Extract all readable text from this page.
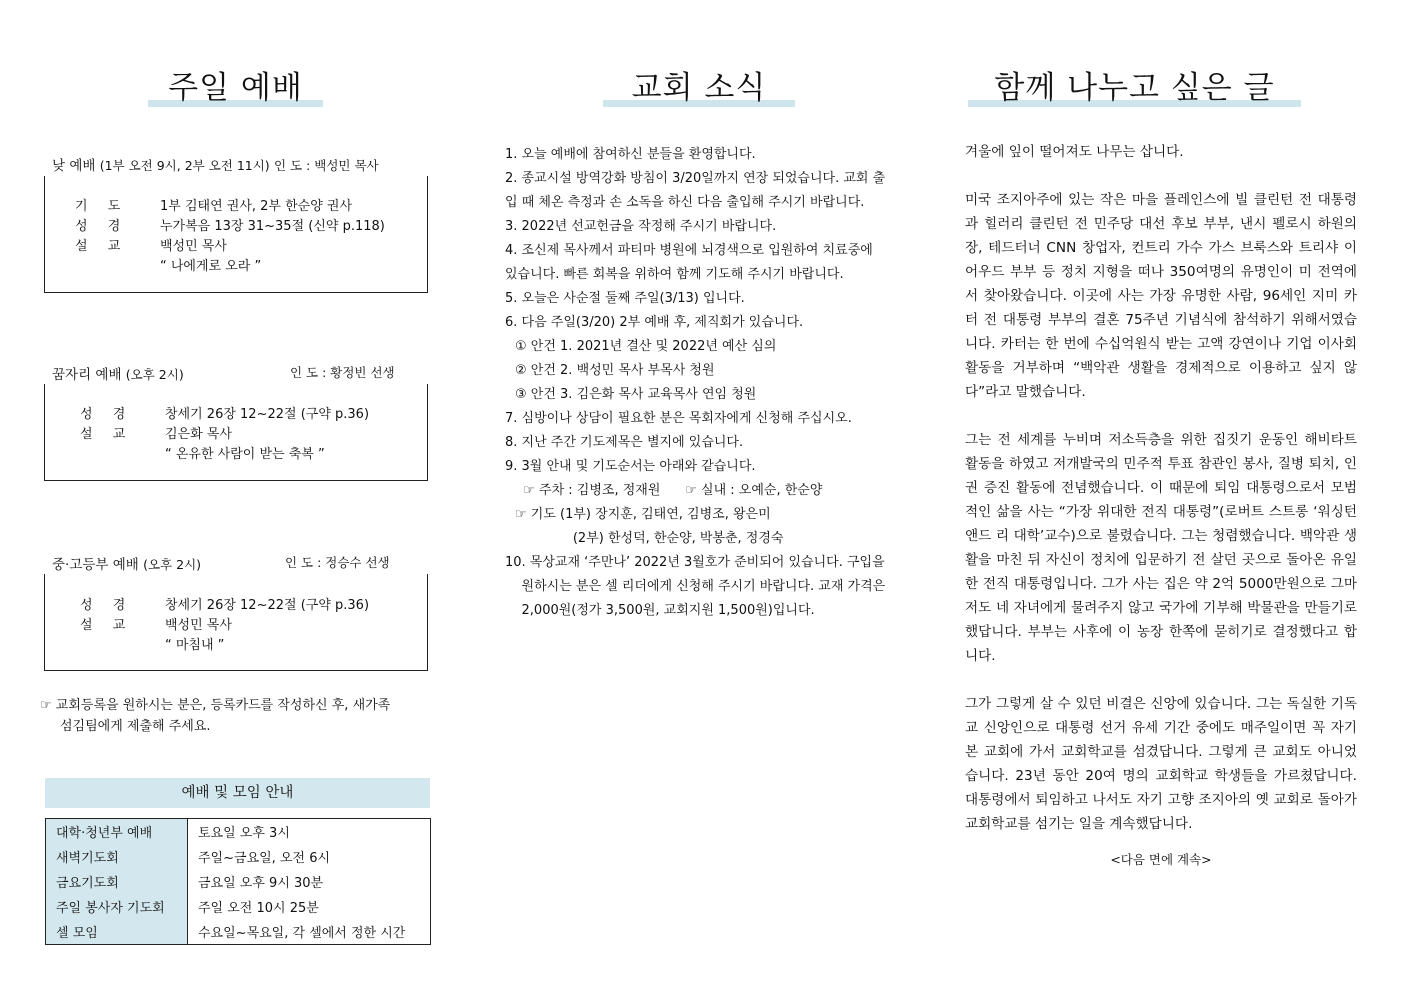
주일 예배	교회 소식	함께 나누고 싶은 글
낮 예배 (1부 오전 9시, 2부 오전 11시) 인 도 : 백성민 목사
기 도 1부 김태연 권사, 2부 한순양 권사
성 경 누가복음 13장 31~35절 (신약 p.118)
설 교 백성민 목사
“ 나에게로 오라 ”
꿈자리 예배 (오후 2시)	인 도 : 황정빈 선생
성 경 창세기 26장 12~22절 (구약 p.36)
설 교 김은화 목사
“ 온유한 사람이 받는 축복 ”
중·고등부 예배 (오후 2시)	인 도 : 정승수 선생
성 경 창세기 26장 12~22절 (구약 p.36)
설 교 백성민 목사
“ 마침내 ”
☞ 교회등록을 원하시는 분은, 등록카드를 작성하신 후, 새가족
섬김팀에게 제출해 주세요.
예배 및 모임 안내
대학·청년부 예배	토요일 오후 3시
새벽기도회	주일~금요일, 오전 6시
금요기도회	금요일 오후 9시 30분
주일 봉사자 기도회	주일 오전 10시 25분
셀 모임	수요일~목요일, 각 셀에서 정한 시간
1. 오늘 예배에 참여하신 분들을 환영합니다.
2. 종교시설 방역강화 방침이 3/20일까지 연장 되었습니다. 교회 출
입 때 체온 측정과 손 소독을 하신 다음 출입해 주시기 바랍니다.
3. 2022년 선교헌금을 작정해 주시기 바랍니다.
4. 조신제 목사께서 파티마 병원에 뇌경색으로 입원하여 치료중에
있습니다. 빠른 회복을 위하여 함께 기도해 주시기 바랍니다.
5. 오늘은 사순절 둘째 주일(3/13) 입니다.
6. 다음 주일(3/20) 2부 예배 후, 제직회가 있습니다.
① 안건 1. 2021년 결산 및 2022년 예산 심의
② 안건 2. 백성민 목사 부목사 청원
③ 안건 3. 김은화 목사 교육목사 연임 청원
7. 심방이나 상담이 필요한 분은 목회자에게 신청해 주십시오.
8. 지난 주간 기도제목은 별지에 있습니다.
9. 3월 안내 및 기도순서는 아래와 같습니다.
☞ 주차 : 김병조, 정재원      ☞ 실내 : 오예순, 한순양
☞ 기도 (1부) 장지훈, 김태연, 김병조, 왕은미
(2부) 한성덕, 한순양, 박봉춘, 정경숙
10. 목상교재 ‘주만나’ 2022년 3월호가 준비되어 있습니다. 구입을
원하시는 분은 셀 리더에게 신청해 주시기 바랍니다. 교재 가격은
2,000원(정가 3,500원, 교회지원 1,500원)입니다.

겨울에 잎이 떨어져도 나무는 삽니다.

미국 조지아주에 있는 작은 마을 플레인스에 빌 클린턴 전 대통령과 힐러리 클린턴 전 민주당 대선 후보 부부, 낸시 펠로시 하원의장, 테드터너 CNN 창업자, 컨트리 가수 가스 브룩스와 트리샤 이어우드 부부 등 정치 지형을 떠나 350여명의 유명인이 미 전역에서 찾아왔습니다. 이곳에 사는 가장 유명한 사람, 96세인 지미 카터 전 대통령 부부의 결혼 75주년 기념식에 참석하기 위해서였습니다. 카터는 한 번에 수십억원식 받는 고액 강연이나 기업 이사회 활동을 거부하며 “백악관 생활을 경제적으로 이용하고 싶지 않다”라고 말했습니다.

그는 전 세계를 누비며 저소득층을 위한 집짓기 운동인 해비타트 활동을 하였고 저개발국의 민주적 투표 참관인 봉사, 질병 퇴치, 인권 증진 활동에 전념했습니다. 이 때문에 퇴임 대통령으로서 모범적인 삶을 사는 “가장 위대한 전직 대통령”(로버트 스트롱 ‘워싱턴 앤드 리 대학’교수)으로 불렸습니다. 그는 청렴했습니다. 백악관 생활을 마친 뒤 자신이 정치에 입문하기 전 살던 곳으로 돌아온 유일한 전직 대통령입니다. 그가 사는 집은 약 2억 5000만원으로 그마저도 네 자녀에게 물려주지 않고 국가에 기부해 박물관을 만들기로 했답니다. 부부는 사후에 이 농장 한쪽에 묻히기로 결정했다고 합니다.

그가 그렇게 살 수 있던 비결은 신앙에 있습니다. 그는 독실한 기독교 신앙인으로 대통령 선거 유세 기간 중에도 매주일이면 꼭 자기 본 교회에 가서 교회학교를 섬겼답니다. 그렇게 큰 교회도 아니었습니다. 23년 동안 20여 명의 교회학교 학생들을 가르쳤답니다. 대통령에서 퇴임하고 나서도 자기 고향 조지아의 옛 교회로 돌아가 교회학교를 섬기는 일을 계속했답니다.

<다음 면에 계속>
